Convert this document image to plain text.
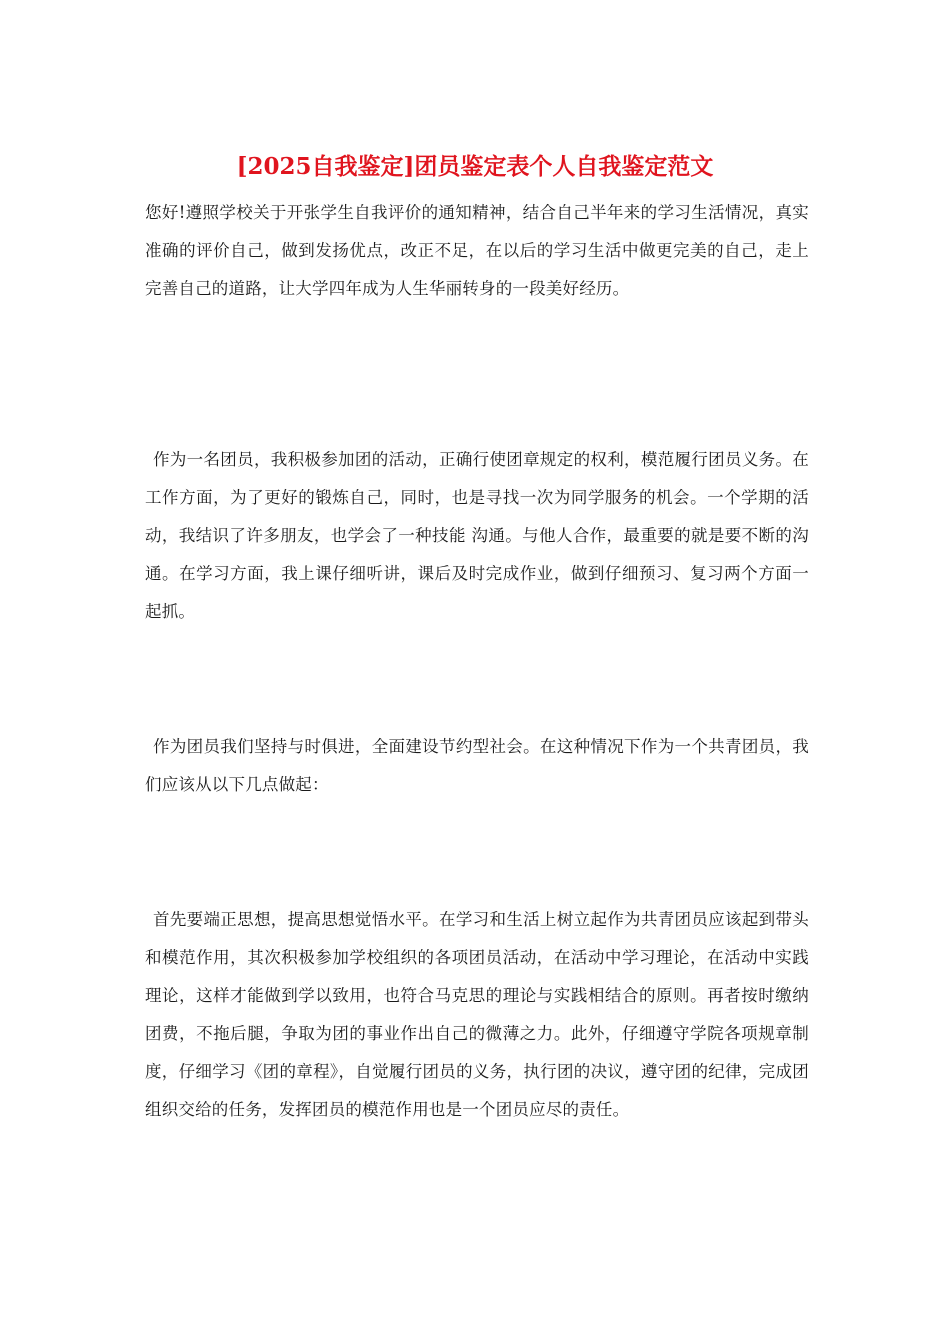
[2025自我鉴定]团员鉴定表个人自我鉴定范文

您好!遵照学校关于开张学生自我评价的通知精神，结合自己半年来的学习生活情况，真实准确的评价自己，做到发扬优点，改正不足，在以后的学习生活中做更完美的自己，走上完善自己的道路，让大学四年成为人生华丽转身的一段美好经历。

作为一名团员，我积极参加团的活动，正确行使团章规定的权利，模范履行团员义务。在工作方面，为了更好的锻炼自己，同时，也是寻找一次为同学服务的机会。一个学期的活动，我结识了许多朋友，也学会了一种技能 沟通。与他人合作，最重要的就是要不断的沟通。在学习方面，我上课仔细听讲，课后及时完成作业，做到仔细预习、复习两个方面一起抓。

作为团员我们坚持与时俱进，全面建设节约型社会。在这种情况下作为一个共青团员，我们应该从以下几点做起：

首先要端正思想，提高思想觉悟水平。在学习和生活上树立起作为共青团员应该起到带头和模范作用，其次积极参加学校组织的各项团员活动，在活动中学习理论，在活动中实践理论，这样才能做到学以致用，也符合马克思的理论与实践相结合的原则。再者按时缴纳团费，不拖后腿，争取为团的事业作出自己的微薄之力。此外，仔细遵守学院各项规章制度，仔细学习《团的章程》，自觉履行团员的义务，执行团的决议，遵守团的纪律，完成团组织交给的任务，发挥团员的模范作用也是一个团员应尽的责任。
